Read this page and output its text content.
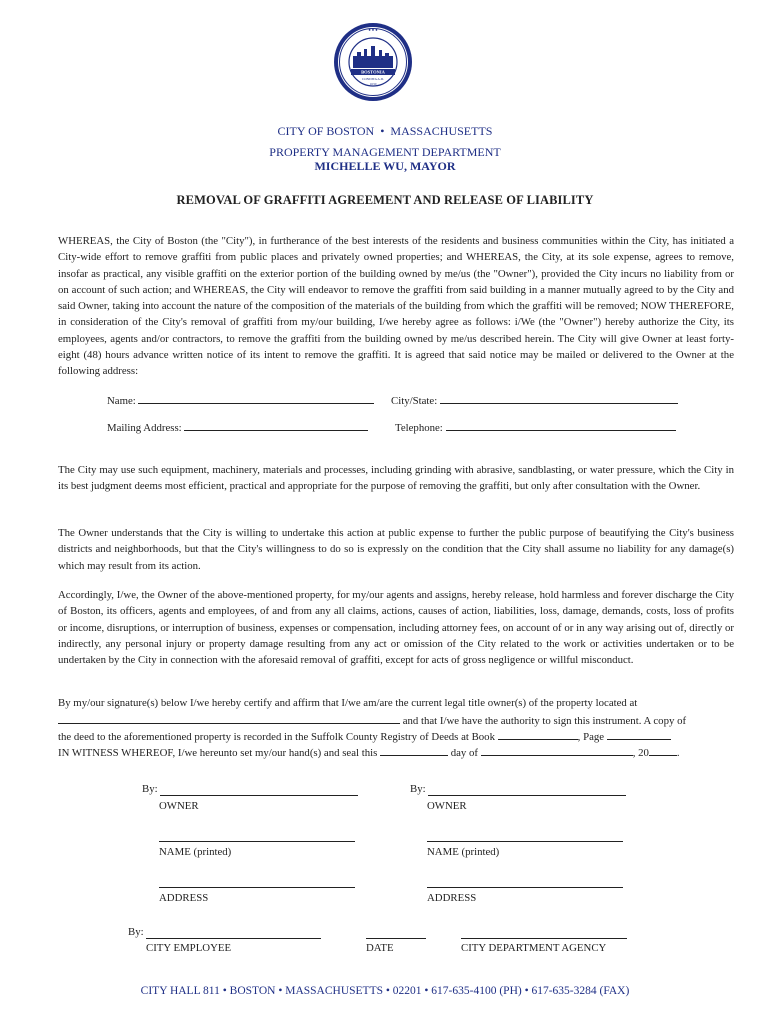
● ● ●
BOSTONIA
CONDITA A.D.
1630
CITY OF BOSTON • MASSACHUSETTS
PROPERTY MANAGEMENT DEPARTMENT
MICHELLE WU, MAYOR
REMOVAL OF GRAFFITI AGREEMENT AND RELEASE OF LIABILITY
WHEREAS, the City of Boston (the "City"), in furtherance of the best interests of the residents and business communities within the City, has initiated a City-wide effort to remove graffiti from public places and privately owned properties; and WHEREAS, the City, at its sole expense, agrees to remove, insofar as practical, any visible graffiti on the exterior portion of the building owned by me/us (the "Owner"), provided the City incurs no liability from or on account of such action; and WHEREAS, the City will endeavor to remove the graffiti from said building in a manner mutually agreed to by the City and said Owner, taking into account the nature of the composition of the materials of the building from which the graffiti will be removed; NOW THEREFORE, in consideration of the City's removal of graffiti from my/our building, I/we hereby agree as follows: i/We (the "Owner") hereby authorize the City, its employees, agents and/or contractors, to remove the graffiti from the building owned by me/us described herein. The City will give Owner at least forty-eight (48) hours advance written notice of its intent to remove the graffiti. It is agreed that said notice may be mailed or delivered to the Owner at the following address:
Name:	City/State:
Mailing Address:	Telephone:
The City may use such equipment, machinery, materials and processes, including grinding with abrasive, sandblasting, or water pressure, which the City in its best judgment deems most efficient, practical and appropriate for the purpose of removing the graffiti, but only after consultation with the Owner.
The Owner understands that the City is willing to undertake this action at public expense to further the public purpose of beautifying the City's business districts and neighborhoods, but that the City's willingness to do so is expressly on the condition that the City shall assume no liability for any damage(s) which may result from its action.
Accordingly, I/we, the Owner of the above-mentioned property, for my/our agents and assigns, hereby release, hold harmless and forever discharge the City of Boston, its officers, agents and employees, of and from any all claims, actions, causes of action, liabilities, loss, damage, demands, costs, loss of profits or income, disruptions, or interruption of business, expenses or compensation, including attorney fees, on account of or in any way arising out of, directly or indirectly, any personal injury or property damage resulting from any act or omission of the City related to the work or activities undertaken or to be undertaken by the City in connection with the aforesaid removal of graffiti, except for acts of gross negligence or willful misconduct.
By my/our signature(s) below I/we hereby certify and affirm that I/we am/are the current legal title owner(s) of the property located at
and that I/we have the authority to sign this instrument. A copy of
the deed to the aforementioned property is recorded in the Suffolk County Registry of Deeds at Book	, Page
IN WITNESS WHEREOF, I/we hereunto set my/our hand(s) and seal this	day of	, 20	.
By:
OWNER
NAME (printed)
ADDRESS
By:
OWNER
NAME (printed)
ADDRESS
By:
CITY EMPLOYEE	DATE	CITY DEPARTMENT AGENCY
CITY HALL 811 • BOSTON • MASSACHUSETTS • 02201 • 617-635-4100 (PH) • 617-635-3284 (FAX)
